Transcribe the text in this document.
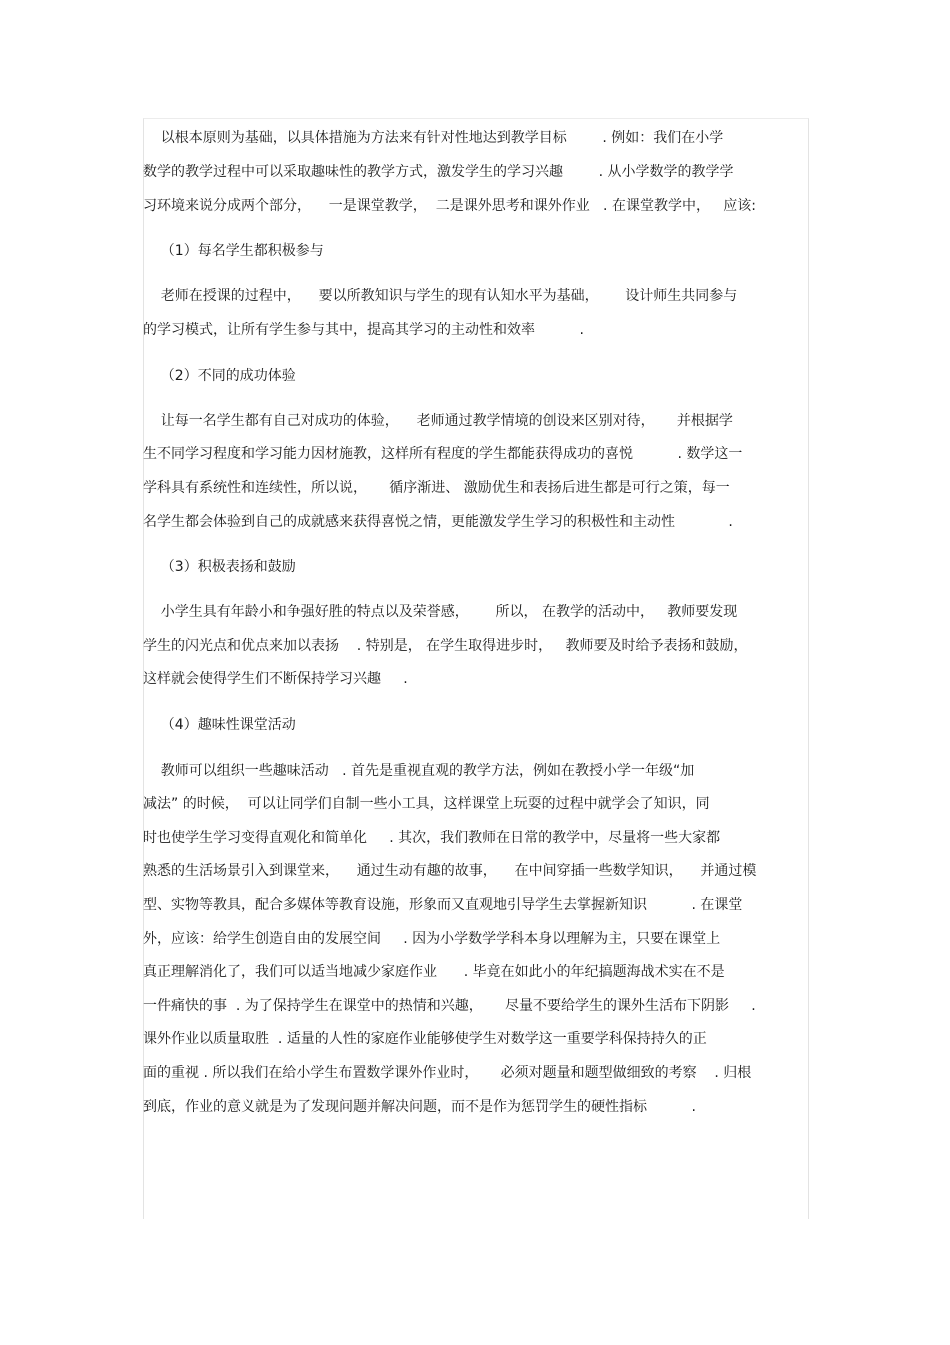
以根本原则为基础，以具体措施为方法来有针对性地达到教学目标        . 例如：我们在小学
数学的教学过程中可以采取趣味性的教学方式，激发学生的学习兴趣        . 从小学数学的教学学
习环境来说分成两个部分，    一是课堂教学，  二是课外思考和课外作业   . 在课堂教学中，   应该:
（1）每名学生都积极参与
老师在授课的过程中，    要以所教知识与学生的现有认知水平为基础，      设计师生共同参与
的学习模式，让所有学生参与其中，提高其学习的主动性和效率          .
（2）不同的成功体验
让每一名学生都有自己对成功的体验，    老师通过教学情境的创设来区别对待，     并根据学
生不同学习程度和学习能力因材施教，这样所有程度的学生都能获得成功的喜悦          . 数学这一
学科具有系统性和连续性，所以说，     循序渐进、 激励优生和表扬后进生都是可行之策，每一
名学生都会体验到自己的成就感来获得喜悦之情，更能激发学生学习的积极性和主动性            .
（3）积极表扬和鼓励
小学生具有年龄小和争强好胜的特点以及荣誉感，      所以， 在教学的活动中，   教师要发现
学生的闪光点和优点来加以表扬    . 特别是， 在学生取得进步时，   教师要及时给予表扬和鼓励，
这样就会使得学生们不断保持学习兴趣     .
（4）趣味性课堂活动
教师可以组织一些趣味活动   . 首先是重视直观的教学方法，例如在教授小学一年级“加
减法” 的时候，  可以让同学们自制一些小工具，这样课堂上玩耍的过程中就学会了知识，同
时也使学生学习变得直观化和简单化     . 其次，我们教师在日常的教学中，尽量将一些大家都
熟悉的生活场景引入到课堂来，    通过生动有趣的故事，    在中间穿插一些数学知识，    并通过模
型、实物等教具，配合多媒体等教育设施，形象而又直观地引导学生去掌握新知识          . 在课堂
外，应该：给学生创造自由的发展空间     . 因为小学数学学科本身以理解为主，只要在课堂上
真正理解消化了，我们可以适当地减少家庭作业      . 毕竟在如此小的年纪搞题海战术实在不是
一件痛快的事  . 为了保持学生在课堂中的热情和兴趣，     尽量不要给学生的课外生活布下阴影     .
课外作业以质量取胜  . 适量的人性的家庭作业能够使学生对数学这一重要学科保持持久的正
面的重视 . 所以我们在给小学生布置数学课外作业时，     必须对题量和题型做细致的考察    . 归根
到底，作业的意义就是为了发现问题并解决问题，而不是作为惩罚学生的硬性指标          .
